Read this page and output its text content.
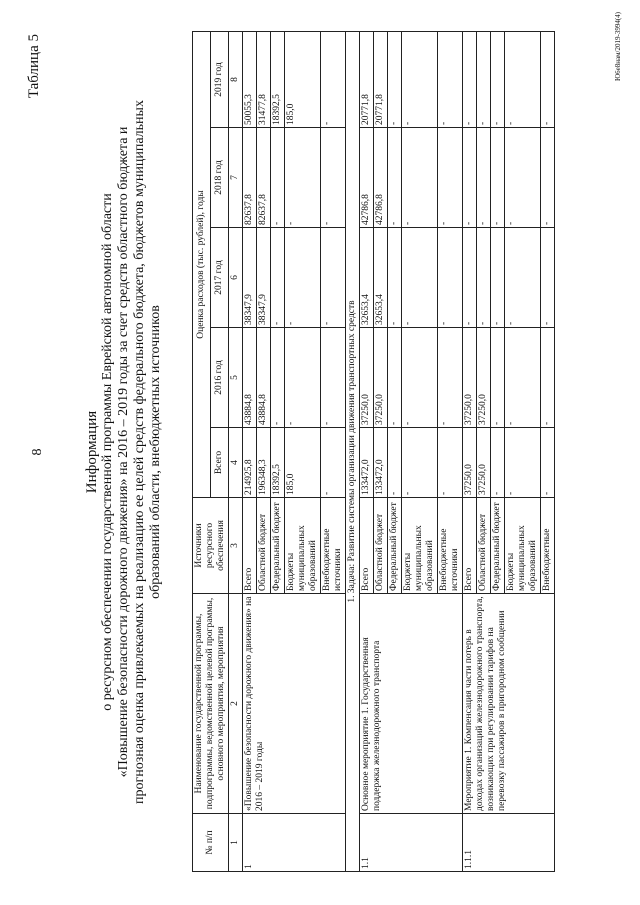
8
Таблица 5
Информация о ресурсном обеспечении государственной программы Еврейской автономной области «Повышение безопасности дорожного движения» на 2016 – 2019 годы за счет средств областного бюджета и прогнозная оценка привлекаемых на реализацию ее целей средств федерального бюджета, бюджетов муниципальных образований области, внебюджетных источников
№ п/п	Наименование государственной программы, подпрограммы, ведомственной целевой программы, основного мероприятия, мероприятия	Источники ресурсного обеспечения	Оценка расходов (тыс. рублей), годы				
			Всего	2016 год	2017 год	2018 год	2019 год
1	2	3	4	5	6	7	8
1	«Повышение безопасности дорожного движения» на 2016 – 2019 годы	Всего	214925,8	43884,8	38347,9	82637,8	50055,3
		Областной бюджет	196348,3	43884,8	38347,9	82637,8	31477,8
		Федеральный бюджет	18392,5	-	-	-	18392,5
		Бюджеты муниципальных образований	185,0	-	-	-	185,0
		Внебюджетные источники	-	-	-	-	-
1. Задача: Развитие системы организации движения транспортных средств							
1.1	Основное мероприятие 1. Государственная поддержка железнодорожного транспорта	Всего	133472,0	37250,0	32653,4	42786,8	20771,8
		Областной бюджет	133472,0	37250,0	32653,4	42786,8	20771,8
		Федеральный бюджет	-	-	-	-	-
		Бюджеты муниципальных образований	-	-	-	-	-
		Внебюджетные источники	-	-	-	-	-
1.1.1	Мероприятие 1. Компенсация части потерь в доходах организаций железнодорожного транспорта, возникающих при регулировании тарифов на перевозку пассажиров в пригородном сообщении	Всего	37250,0	37250,0	-	-	-
		Областной бюджет	37250,0	37250,0	-	-	-
		Федеральный бюджет	-	-	-	-	-
		Бюджеты муниципальных образований	-	-	-	-	-
		Внебюджетные	-	-	-	-	-
Ю6е8нам/2019-3994(4)
